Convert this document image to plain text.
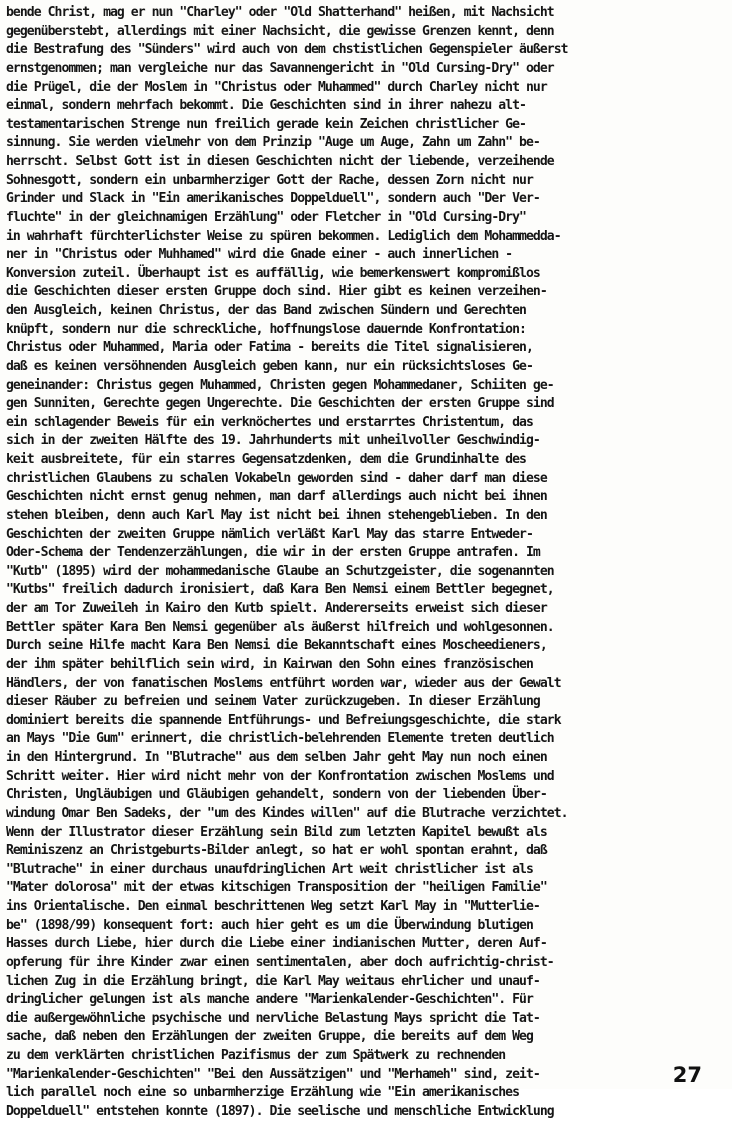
bende Christ, mag er nun "Charley" oder "Old Shatterhand" heißen, mit Nachsicht
gegenüberstebt, allerdings mit einer Nachsicht, die gewisse Grenzen kennt, denn
die Bestrafung des "Sünders" wird auch von dem chstistlichen Gegenspieler äußerst
ernstgenommen; man vergleiche nur das Savannengericht in "Old Cursing-Dry" oder
die Prügel, die der Moslem in "Christus oder Muhammed" durch Charley nicht nur
einmal, sondern mehrfach bekommt. Die Geschichten sind in ihrer nahezu alt-
testamentarischen Strenge nun freilich gerade kein Zeichen christlicher Ge-
sinnung. Sie werden vielmehr von dem Prinzip "Auge um Auge, Zahn um Zahn" be-
herrscht. Selbst Gott ist in diesen Geschichten nicht der liebende, verzeihende
Sohnesgott, sondern ein unbarmherziger Gott der Rache, dessen Zorn nicht nur
Grinder und Slack in "Ein amerikanisches Doppelduell", sondern auch "Der Ver-
fluchte" in der gleichnamigen Erzählung" oder Fletcher in "Old Cursing-Dry"
in wahrhaft fürchterlichster Weise zu spüren bekommen. Lediglich dem Mohammedda-
ner in "Christus oder Muhhamed" wird die Gnade einer - auch innerlichen -
Konversion zuteil. Überhaupt ist es auffällig, wie bemerkenswert kompromißlos
die Geschichten dieser ersten Gruppe doch sind. Hier gibt es keinen verzeihen-
den Ausgleich, keinen Christus, der das Band zwischen Sündern und Gerechten
knüpft, sondern nur die schreckliche, hoffnungslose dauernde Konfrontation:
Christus oder Muhammed, Maria oder Fatima - bereits die Titel signalisieren,
daß es keinen versöhnenden Ausgleich geben kann, nur ein rücksichtsloses Ge-
geneinander: Christus gegen Muhammed, Christen gegen Mohammedaner, Schiiten ge-
gen Sunniten, Gerechte gegen Ungerechte. Die Geschichten der ersten Gruppe sind
ein schlagender Beweis für ein verknöchertes und erstarrtes Christentum, das
sich in der zweiten Hälfte des 19. Jahrhunderts mit unheilvoller Geschwindig-
keit ausbreitete, für ein starres Gegensatzdenken, dem die Grundinhalte des
christlichen Glaubens zu schalen Vokabeln geworden sind - daher darf man diese
Geschichten nicht ernst genug nehmen, man darf allerdings auch nicht bei ihnen
stehen bleiben, denn auch Karl May ist nicht bei ihnen stehengeblieben. In den
Geschichten der zweiten Gruppe nämlich verläßt Karl May das starre Entweder-
Oder-Schema der Tendenzerzählungen, die wir in der ersten Gruppe antrafen. Im
"Kutb" (1895) wird der mohammedanische Glaube an Schutzgeister, die sogenannten
"Kutbs" freilich dadurch ironisiert, daß Kara Ben Nemsi einem Bettler begegnet,
der am Tor Zuweileh in Kairo den Kutb spielt. Andererseits erweist sich dieser
Bettler später Kara Ben Nemsi gegenüber als äußerst hilfreich und wohlgesonnen.
Durch seine Hilfe macht Kara Ben Nemsi die Bekanntschaft eines Moscheedieners,
der ihm später behilflich sein wird, in Kairwan den Sohn eines französischen
Händlers, der von fanatischen Moslems entführt worden war, wieder aus der Gewalt
dieser Räuber zu befreien und seinem Vater zurückzugeben. In dieser Erzählung
dominiert bereits die spannende Entführungs- und Befreiungsgeschichte, die stark
an Mays "Die Gum" erinnert, die christlich-belehrenden Elemente treten deutlich
in den Hintergrund. In "Blutrache" aus dem selben Jahr geht May nun noch einen
Schritt weiter. Hier wird nicht mehr von der Konfrontation zwischen Moslems und
Christen, Ungläubigen und Gläubigen gehandelt, sondern von der liebenden Über-
windung Omar Ben Sadeks, der "um des Kindes willen" auf die Blutrache verzichtet.
Wenn der Illustrator dieser Erzählung sein Bild zum letzten Kapitel bewußt als
Reminiszenz an Christgeburts-Bilder anlegt, so hat er wohl spontan erahnt, daß
"Blutrache" in einer durchaus unaufdringlichen Art weit christlicher ist als
"Mater dolorosa" mit der etwas kitschigen Transposition der "heiligen Familie"
ins Orientalische. Den einmal beschrittenen Weg setzt Karl May in "Mutterlie-
be" (1898/99) konsequent fort: auch hier geht es um die Überwindung blutigen
Hasses durch Liebe, hier durch die Liebe einer indianischen Mutter, deren Auf-
opferung für ihre Kinder zwar einen sentimentalen, aber doch aufrichtig-christ-
lichen Zug in die Erzählung bringt, die Karl May weitaus ehrlicher und unauf-
dringlicher gelungen ist als manche andere "Marienkalender-Geschichten". Für
die außergewöhnliche psychische und nervliche Belastung Mays spricht die Tat-
sache, daß neben den Erzählungen der zweiten Gruppe, die bereits auf dem Weg
zu dem verklärten christlichen Pazifismus der zum Spätwerk zu rechnenden
"Marienkalender-Geschichten" "Bei den Aussätzigen" und "Merhameh" sind, zeit-
lich parallel noch eine so unbarmherzige Erzählung wie "Ein amerikanisches
Doppelduell" entstehen konnte (1897). Die seelische und menschliche Entwicklung
27
